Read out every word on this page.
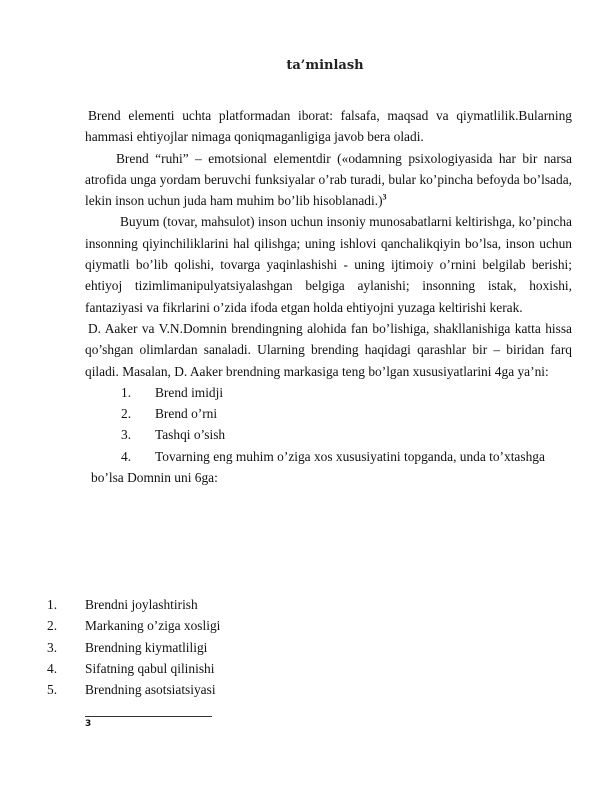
ta’minlash

Brend elementi uchta platformadan iborat: falsafa, maqsad va qiymatlilik.Bularning hammasi ehtiyojlar nimaga qoniqmaganligiga javob bera oladi.

Brend “ruhi” – emotsional elementdir («odamning psixologiyasida har bir narsa atrofida unga yordam beruvchi funksiyalar o’rab turadi, bular ko’pincha befoyda bo’lsada, lekin inson uchun juda ham muhim bo’lib hisoblanadi.)$^3$

Buyum (tovar, mahsulot) inson uchun insoniy munosabatlarni keltirishga, ko’pincha insonning qiyinchiliklarini hal qilishga; uning ishlovi qanchalikqiyin bo’lsa, inson uchun qiymatli bo’lib qolishi, tovarga yaqinlashishi - uning ijtimoiy o’rnini belgilab berishi; ehtiyoj tizimlimanipulyatsiyalashgan belgiga aylanishi; insonning istak, hoxishi, fantaziyasi va fikrlarini o’zida ifoda etgan holda ehtiyojni yuzaga keltirishi kerak.

D. Aaker va V.N.Domnin brendingning alohida fan bo’lishiga, shakllanishiga katta hissa qo’shgan olimlardan sanaladi. Ularning brending haqidagi qarashlar bir – biridan farq qiladi. Masalan, D. Aaker brendning markasiga teng bo’lgan xususiyatlarini 4ga ya’ni:

1.	Brend imidji
2.	Brend o’rni
3.	Tashqi o’sish
4.	Tovarning eng muhim o’ziga xos xususiyatini topganda, unda to’xtashga
bo’lsa Domnin uni 6ga:
1.	Brendni joylashtirish
2.	Markaning o’ziga xosligi
3.	Brendning kiymatliligi
4.	Sifatning qabul qilinishi
5.	Brendning asotsiatsiyasi
3
